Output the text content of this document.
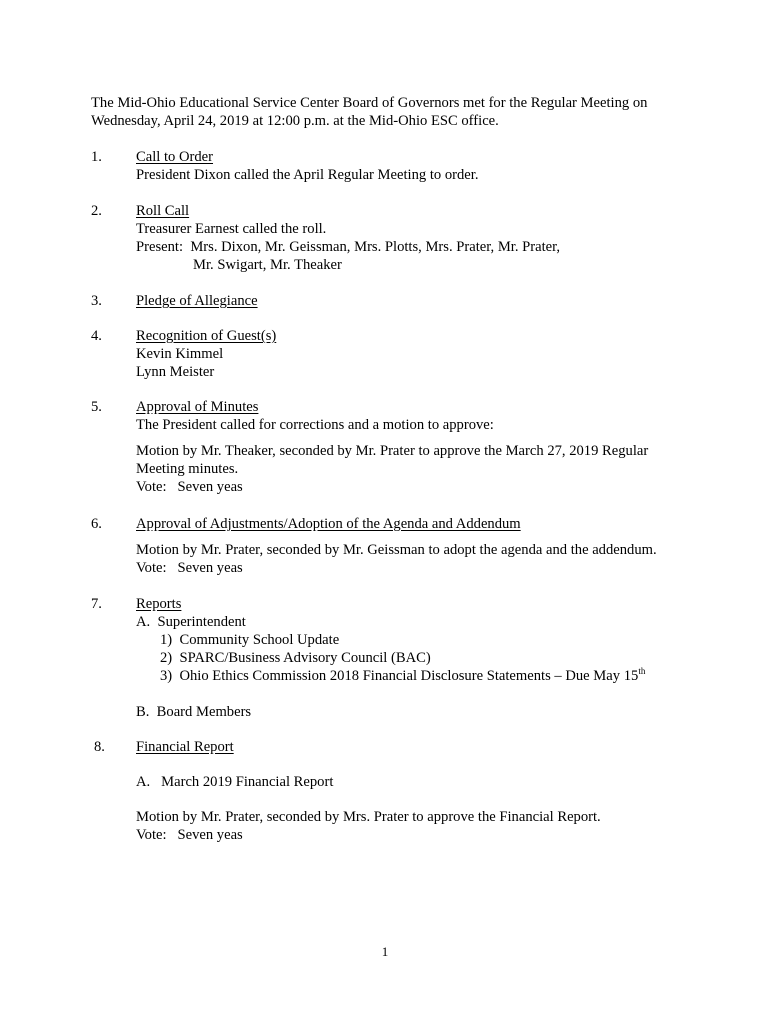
The Mid-Ohio Educational Service Center Board of Governors met for the Regular Meeting on
Wednesday, April 24, 2019 at 12:00 p.m. at the Mid-Ohio ESC office.
1.	Call to Order
President Dixon called the April Regular Meeting to order.
2.	Roll Call
Treasurer Earnest called the roll.
Present:  Mrs. Dixon, Mr. Geissman, Mrs. Plotts, Mrs. Prater, Mr. Prater,
Mr. Swigart, Mr. Theaker
3.	Pledge of Allegiance
4.	Recognition of Guest(s)
Kevin Kimmel
Lynn Meister
5.	Approval of Minutes
The President called for corrections and a motion to approve:
Motion by Mr. Theaker, seconded by Mr. Prater to approve the March 27, 2019 Regular
Meeting minutes.
Vote:   Seven yeas
6.	Approval of Adjustments/Adoption of the Agenda and Addendum
Motion by Mr. Prater, seconded by Mr. Geissman to adopt the agenda and the addendum.
Vote:   Seven yeas
7.	Reports
A.  Superintendent
1)  Community School Update
2)  SPARC/Business Advisory Council (BAC)
3)  Ohio Ethics Commission 2018 Financial Disclosure Statements – Due May 15th
B.  Board Members
8.	Financial Report
A.   March 2019 Financial Report
Motion by Mr. Prater, seconded by Mrs. Prater to approve the Financial Report.
Vote:   Seven yeas
1
